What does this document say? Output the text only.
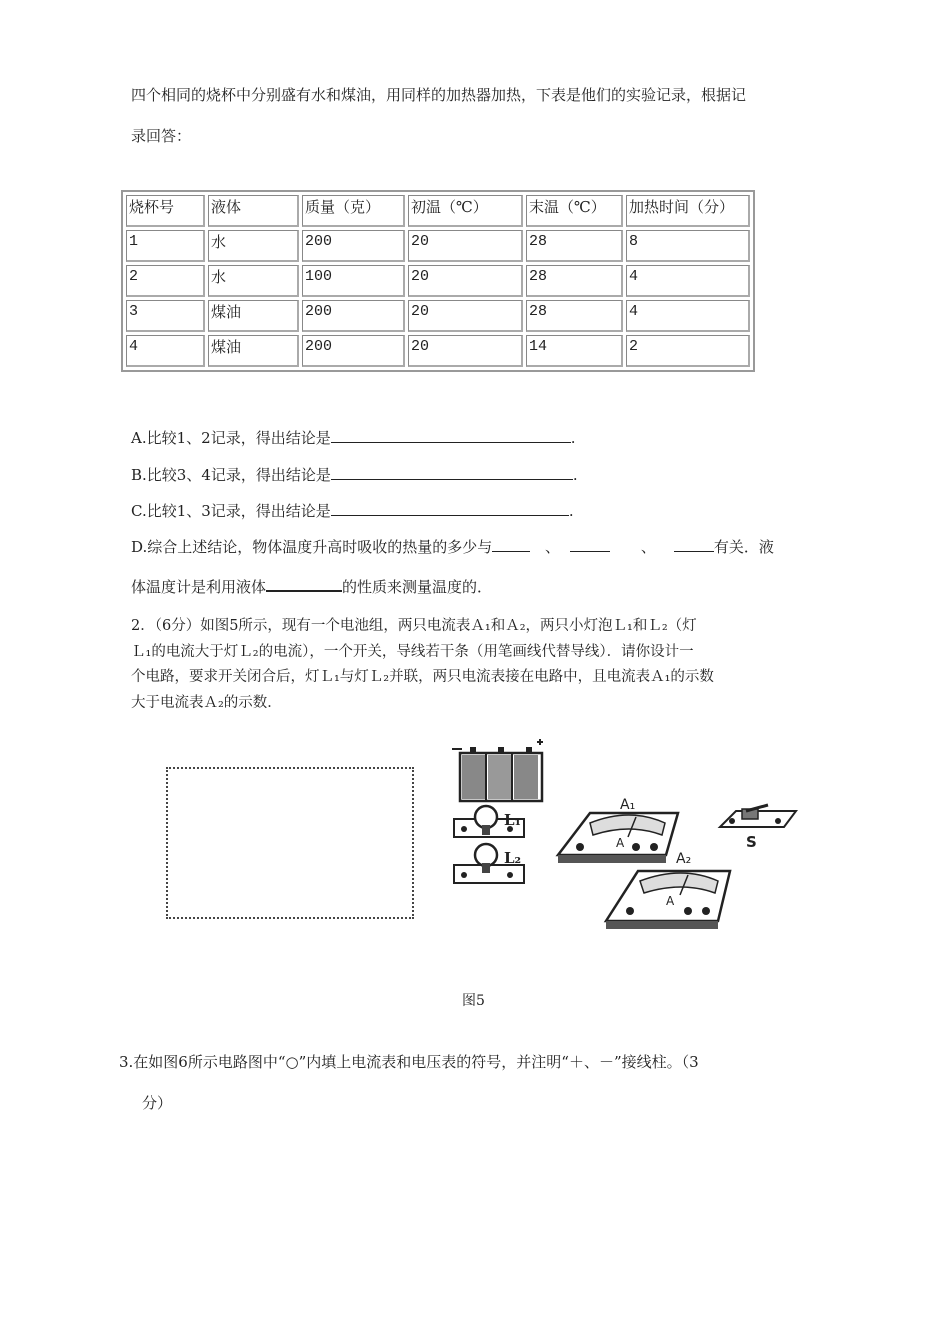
四个相同的烧杯中分别盛有水和煤油，用同样的加热器加热，下表是他们的实验记录，根据记
录回答：
烧杯号	液体	质量（克）	初温（℃）	末温（℃）	加热时间（分）
1	水	200	20	28	8
2	水	100	20	28	4
3	煤油	200	20	28	4
4	煤油	200	20	14	2
A.比较1、2记录，得出结论是	.
B.比较3、4记录，得出结论是	.
C.比较1、3记录，得出结论是	.
D.综合上述结论，物体温度升高时吸收的热量的多少与	、	、	有关．液
体温度计是利用液体	的性质来测量温度的．
2．（6分）如图5所示，现有一个电池组，两只电流表Ａ₁和Ａ₂，两只小灯泡Ｌ₁和Ｌ₂（灯
Ｌ₁的电流大于灯Ｌ₂的电流），一个开关，导线若干条（用笔画线代替导线）．请你设计一
个电路，要求开关闭合后，灯Ｌ₁与灯Ｌ₂并联，两只电流表接在电路中，且电流表Ａ₁的示数
大于电流表Ａ₂的示数．
L₁
L₂
A
A₁
A
A₂
S
图5
3.在如图6所示电路图中“○”内填上电流表和电压表的符号，并注明“＋、－”接线柱。（3
分）
